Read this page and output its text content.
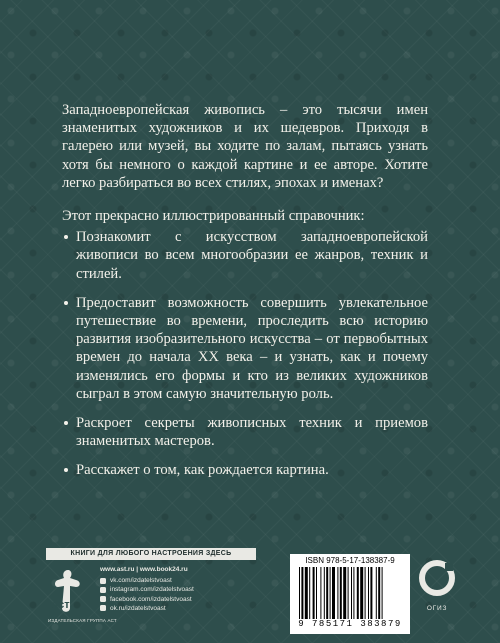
Западноевропейская живопись – это тысячи имен знаменитых художников и их шедевров. Приходя в галерею или музей, вы ходите по залам, пытаясь узнать хотя бы немного о каждой картине и ее авторе. Хотите легко разбираться во всех стилях, эпохах и именах?

Этот прекрасно иллюстрированный справочник:

Познакомит с искусством западноевропейской живописи во всем многообразии ее жанров, техник и стилей.
Предоставит возможность совершить увлекательное путешествие во времени, проследить всю историю развития изобразительного искусства – от первобытных времен до начала XX века – и узнать, как и почему изменялись его формы и кто из великих художников сыграл в этом самую значительную роль.
Раскроет секреты живописных техник и приемов знаменитых мастеров.
Расскажет о том, как рождается картина.
КНИГИ ДЛЯ ЛЮБОГО НАСТРОЕНИЯ ЗДЕСЬ
аст
ИЗДАТЕЛЬСКАЯ ГРУППА АСТ
www.ast.ru | www.book24.ru
vk.com/izdatelstvoast
instagram.com/izdatelstvoast
facebook.com/izdatelstvoast
ok.ru/izdatelstvoast
ISBN 978-5-17-138387-9
9 785171 383879
ОГИЗ
